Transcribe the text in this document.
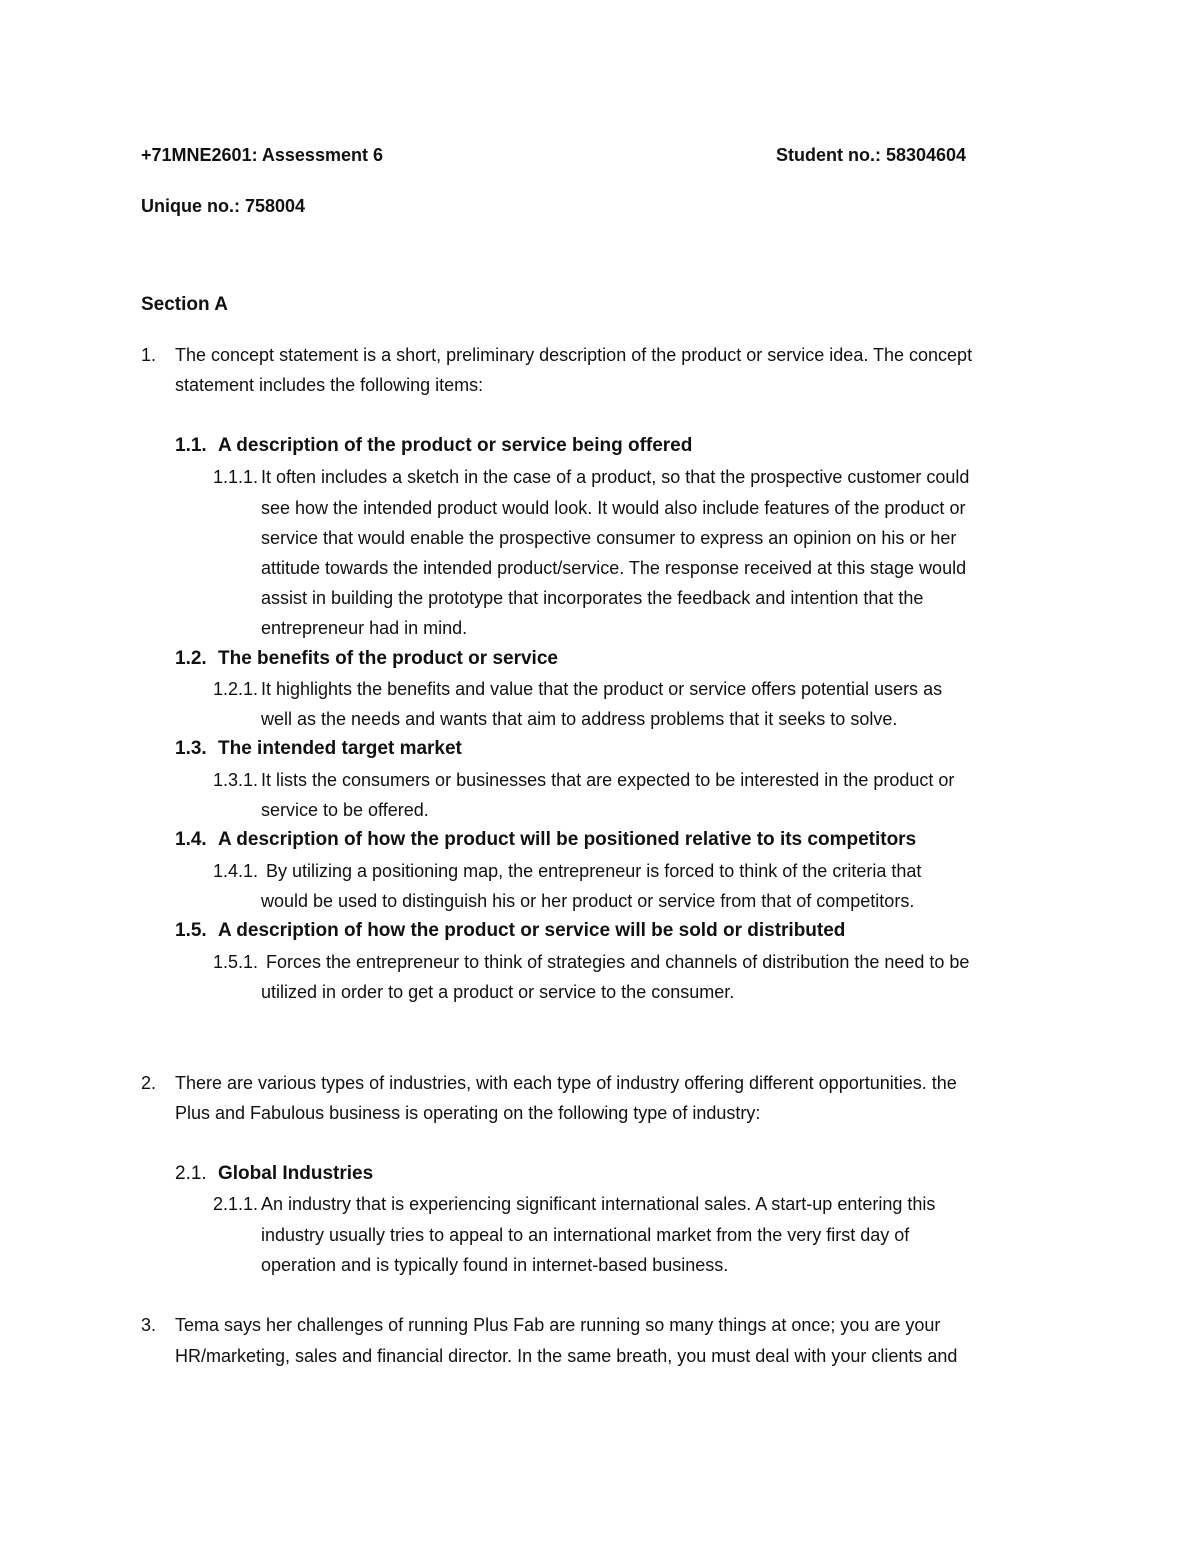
+71MNE2601: Assessment 6	Student no.: 58304604
Unique no.: 758004
Section A
1. The concept statement is a short, preliminary description of the product or service idea. The concept
statement includes the following items:
1.1. A description of the product or service being offered
1.1.1. It often includes a sketch in the case of a product, so that the prospective customer could
see how the intended product would look. It would also include features of the product or
service that would enable the prospective consumer to express an opinion on his or her
attitude towards the intended product/service. The response received at this stage would
assist in building the prototype that incorporates the feedback and intention that the
entrepreneur had in mind.
1.2. The benefits of the product or service
1.2.1. It highlights the benefits and value that the product or service offers potential users as
well as the needs and wants that aim to address problems that it seeks to solve.
1.3. The intended target market
1.3.1. It lists the consumers or businesses that are expected to be interested in the product or
service to be offered.
1.4. A description of how the product will be positioned relative to its competitors
1.4.1. By utilizing a positioning map, the entrepreneur is forced to think of the criteria that
would be used to distinguish his or her product or service from that of competitors.
1.5. A description of how the product or service will be sold or distributed
1.5.1. Forces the entrepreneur to think of strategies and channels of distribution the need to be
utilized in order to get a product or service to the consumer.
2. There are various types of industries, with each type of industry offering different opportunities. the
Plus and Fabulous business is operating on the following type of industry:
2.1. Global Industries
2.1.1. An industry that is experiencing significant international sales. A start-up entering this
industry usually tries to appeal to an international market from the very first day of
operation and is typically found in internet-based business.
3. Tema says her challenges of running Plus Fab are running so many things at once; you are your
HR/marketing, sales and financial director. In the same breath, you must deal with your clients and
